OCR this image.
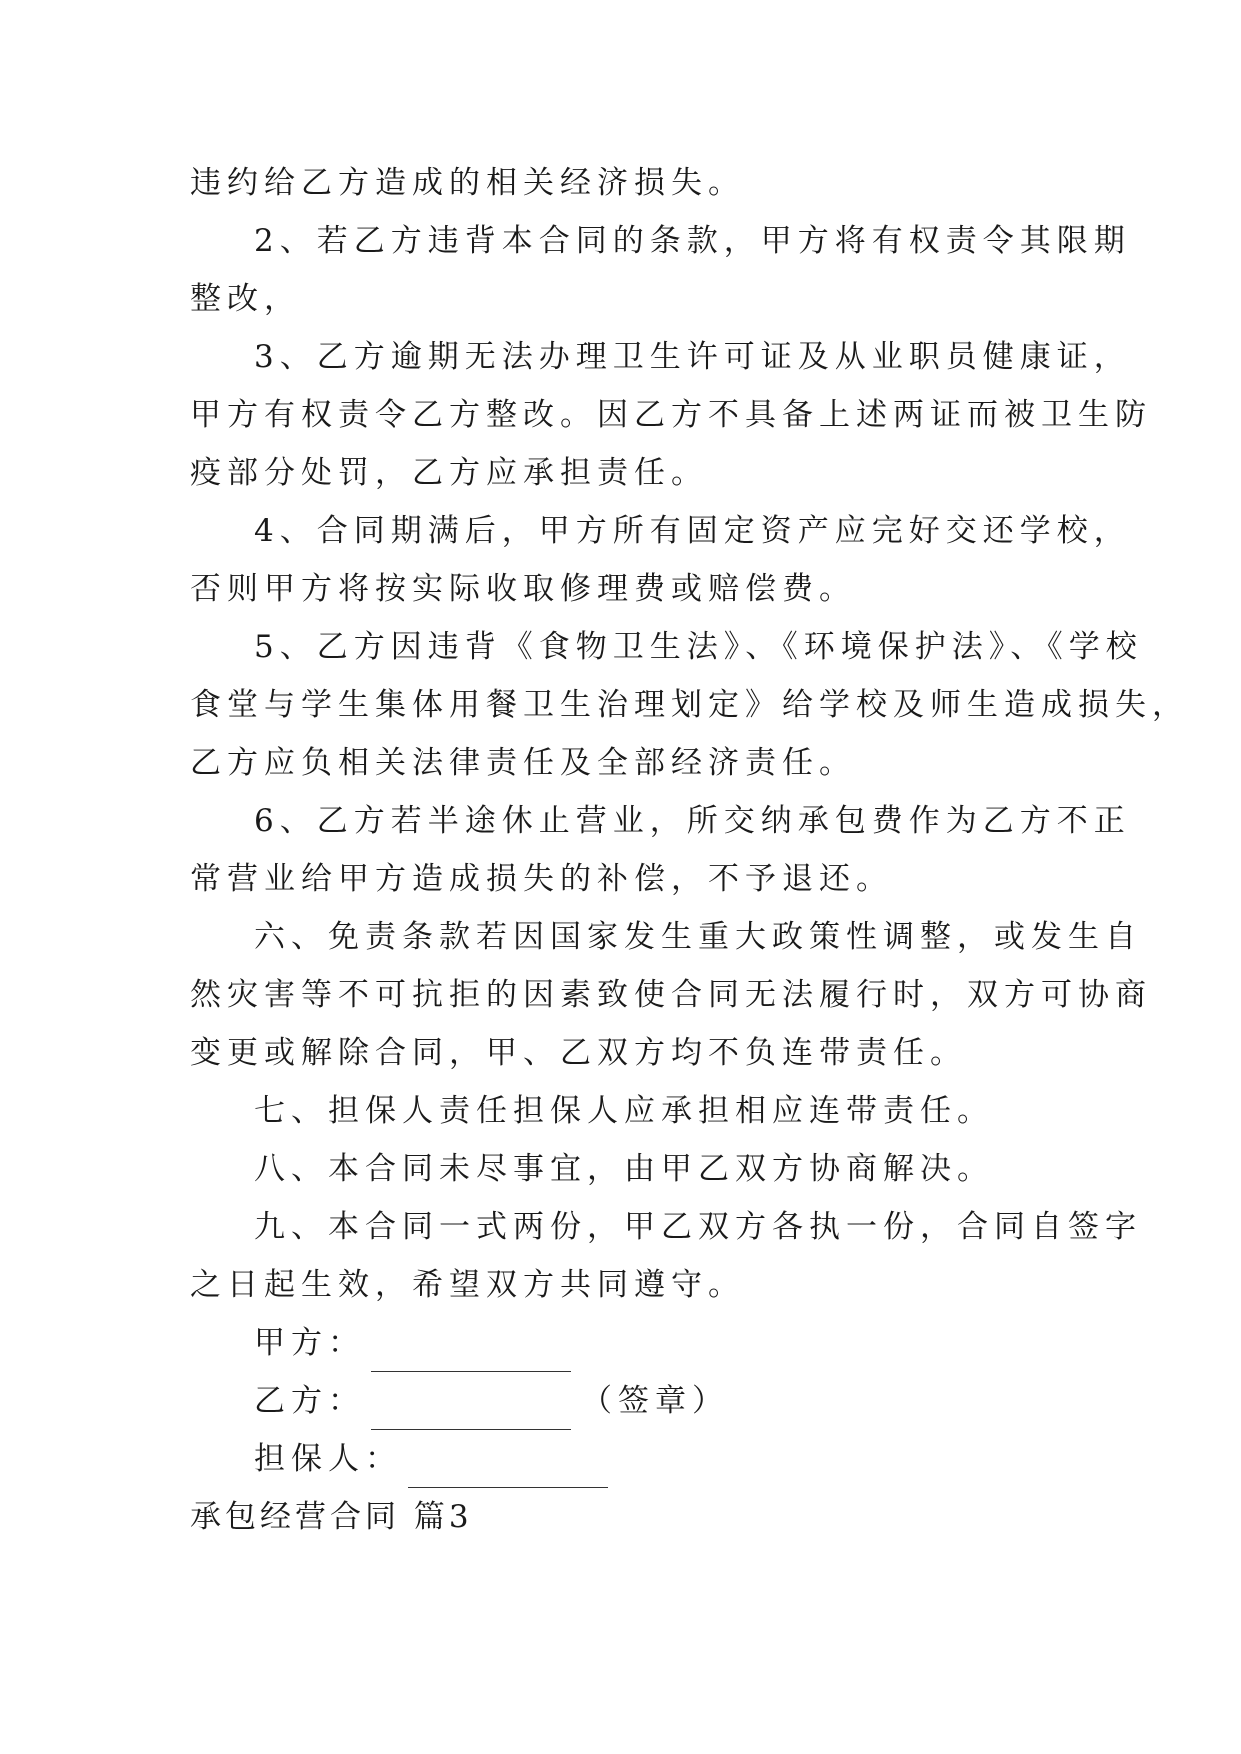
违约给乙方造成的相关经济损失。
2、若乙方违背本合同的条款，甲方将有权责令其限期
整改，
3、乙方逾期无法办理卫生许可证及从业职员健康证，
甲方有权责令乙方整改。因乙方不具备上述两证而被卫生防
疫部分处罚，乙方应承担责任。
4、合同期满后，甲方所有固定资产应完好交还学校，
否则甲方将按实际收取修理费或赔偿费。
5、乙方因违背《食物卫生法》、《环境保护法》、《学校
食堂与学生集体用餐卫生治理划定》给学校及师生造成损失，
乙方应负相关法律责任及全部经济责任。
6、乙方若半途休止营业，所交纳承包费作为乙方不正
常营业给甲方造成损失的补偿，不予退还。
六、免责条款若因国家发生重大政策性调整，或发生自
然灾害等不可抗拒的因素致使合同无法履行时，双方可协商
变更或解除合同，甲、乙双方均不负连带责任。
七、担保人责任担保人应承担相应连带责任。
八、本合同未尽事宜，由甲乙双方协商解决。
九、本合同一式两份，甲乙双方各执一份，合同自签字
之日起生效，希望双方共同遵守。
甲方：
乙方：	（签章）
担保人：
承包经营合同 篇3
